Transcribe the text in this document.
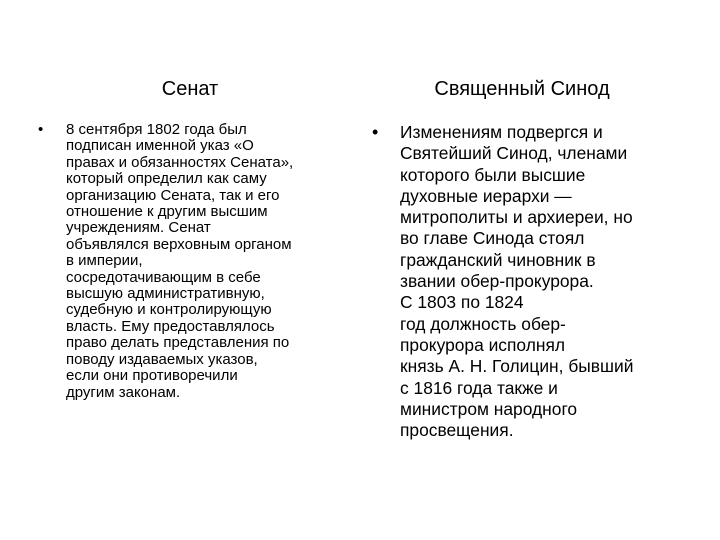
Сенат	Священный Синод
•	8 сентября 1802 года был
подписан именной указ «О
правах и обязанностях Сената»,
который определил как саму
организацию Сената, так и его
отношение к другим высшим
учреждениям. Сенат
объявлялся верховным органом
в империи,
сосредотачивающим в себе
высшую административную,
судебную и контролирующую
власть. Ему предоставлялось
право делать представления по
поводу издаваемых указов,
если они противоречили
другим законам.
•	Изменениям подвергся и
Святейший Синод, членами
которого были высшие
духовные иерархи —
митрополиты и архиереи, но
во главе Синода стоял
гражданский чиновник в
звании обер-прокурора.
С 1803 по 1824
год должность обер-
прокурора исполнял
князь А. Н. Голицин, бывший
с 1816 года также и
министром народного
просвещения.
